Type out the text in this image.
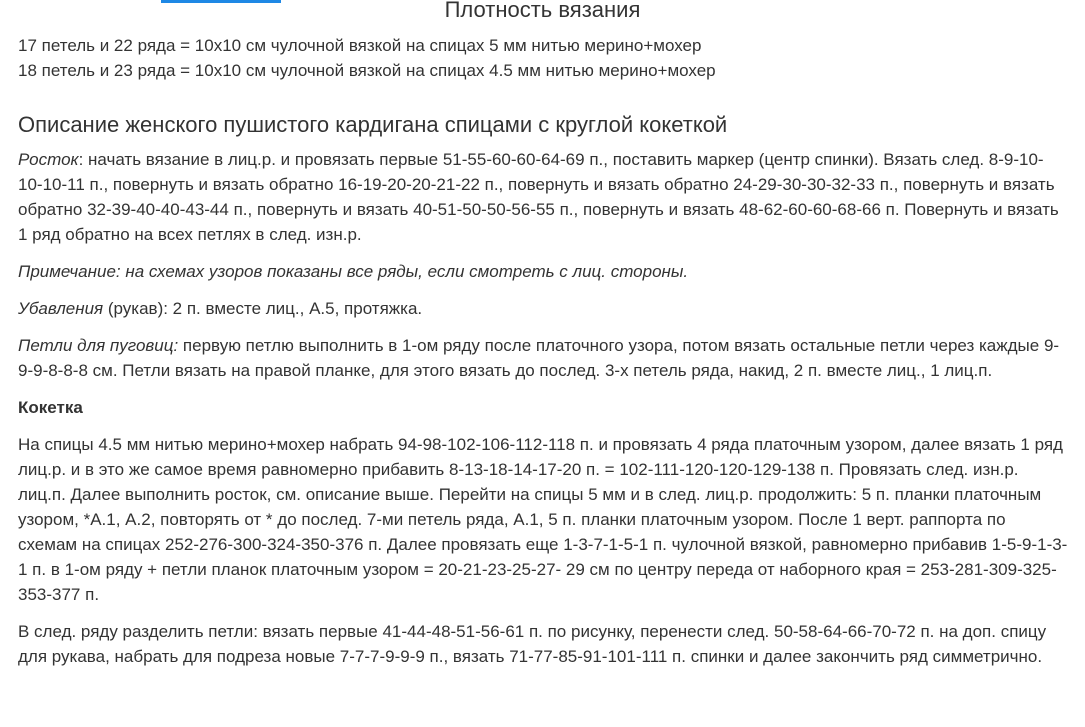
Плотность вязания

17 петель и 22 ряда = 10х10 см чулочной вязкой на спицах 5 мм нитью мерино+мохер

18 петель и 23 ряда = 10х10 см чулочной вязкой на спицах 4.5 мм нитью мерино+мохер

Описание женского пушистого кардигана спицами с круглой кокеткой

Росток: начать вязание в лиц.р. и провязать первые 51-55-60-60-64-69 п., поставить маркер (центр спинки). Вязать след. 8-9-10-10-10-11 п., повернуть и вязать обратно 16-19-20-20-21-22 п., повернуть и вязать обратно 24-29-30-30-32-33 п., повернуть и вязать обратно 32-39-40-40-43-44 п., повернуть и вязать 40-51-50-50-56-55 п., повернуть и вязать 48-62-60-60-68-66 п. Повернуть и вязать 1 ряд обратно на всех петлях в след. изн.р.

Примечание: на схемах узоров показаны все ряды, если смотреть с лиц. стороны.

Убавления (рукав): 2 п. вместе лиц., А.5, протяжка.

Петли для пуговиц: первую петлю выполнить в 1-ом ряду после платочного узора, потом вязать остальные петли через каждые 9-9-9-8-8-8 см. Петли вязать на правой планке, для этого вязать до послед. 3-х петель ряда, накид, 2 п. вместе лиц., 1 лиц.п.

Кокетка

На спицы 4.5 мм нитью мерино+мохер набрать 94-98-102-106-112-118 п. и провязать 4 ряда платочным узором, далее вязать 1 ряд лиц.р. и в это же самое время равномерно прибавить 8-13-18-14-17-20 п. = 102-111-120-120-129-138 п. Провязать след. изн.р. лиц.п. Далее выполнить росток, см. описание выше. Перейти на спицы 5 мм и в след. лиц.р. продолжить: 5 п. планки платочным узором, *А.1, А.2, повторять от * до послед. 7-ми петель ряда, А.1, 5 п. планки платочным узором. После 1 верт. раппорта по схемам на спицах 252-276-300-324-350-376 п. Далее провязать еще 1-3-7-1-5-1 п. чулочной вязкой, равномерно прибавив 1-5-9-1-3-1 п. в 1-ом ряду + петли планок платочным узором = 20-21-23-25-27- 29 см по центру переда от наборного края = 253-281-309-325-353-377 п.

В след. ряду разделить петли: вязать первые 41-44-48-51-56-61 п. по рисунку, перенести след. 50-58-64-66-70-72 п. на доп. спицу для рукава, набрать для подреза новые 7-7-7-9-9-9 п., вязать 71-77-85-91-101-111 п. спинки и далее закончить ряд симметрично.
